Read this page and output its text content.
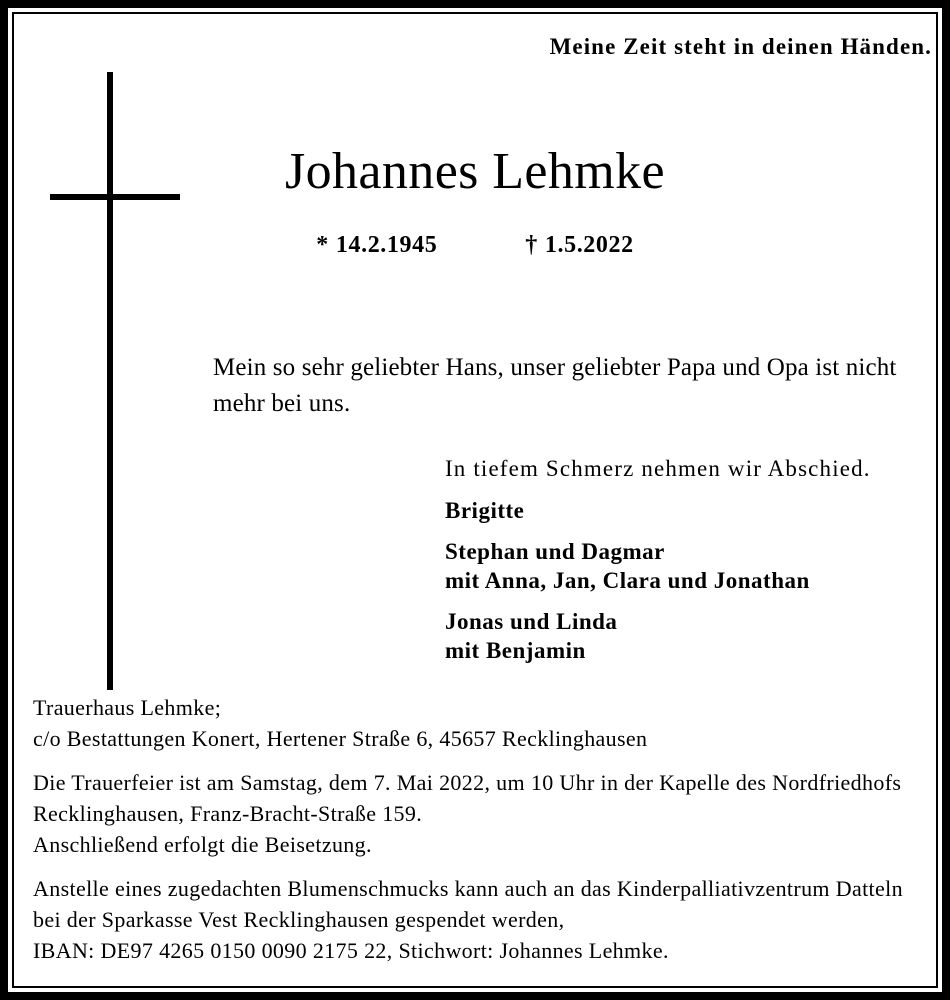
Meine Zeit steht in deinen Händen.
Johannes Lehmke
* 14.2.1945	† 1.5.2022
Mein so sehr geliebter Hans, unser geliebter Papa und Opa ist nicht mehr bei uns.
In tiefem Schmerz nehmen wir Abschied.
Brigitte
Stephan und Dagmar
mit Anna, Jan, Clara und Jonathan
Jonas und Linda
mit Benjamin
Trauerhaus Lehmke;
c/o Bestattungen Konert, Hertener Straße 6, 45657 Recklinghausen
Die Trauerfeier ist am Samstag, dem 7. Mai 2022, um 10 Uhr in der Kapelle des Nordfriedhofs Recklinghausen, Franz-Bracht-Straße 159.
Anschließend erfolgt die Beisetzung.
Anstelle eines zugedachten Blumenschmucks kann auch an das Kinderpalliativzentrum Datteln bei der Sparkasse Vest Recklinghausen gespendet werden,
IBAN: DE97 4265 0150 0090 2175 22, Stichwort: Johannes Lehmke.
